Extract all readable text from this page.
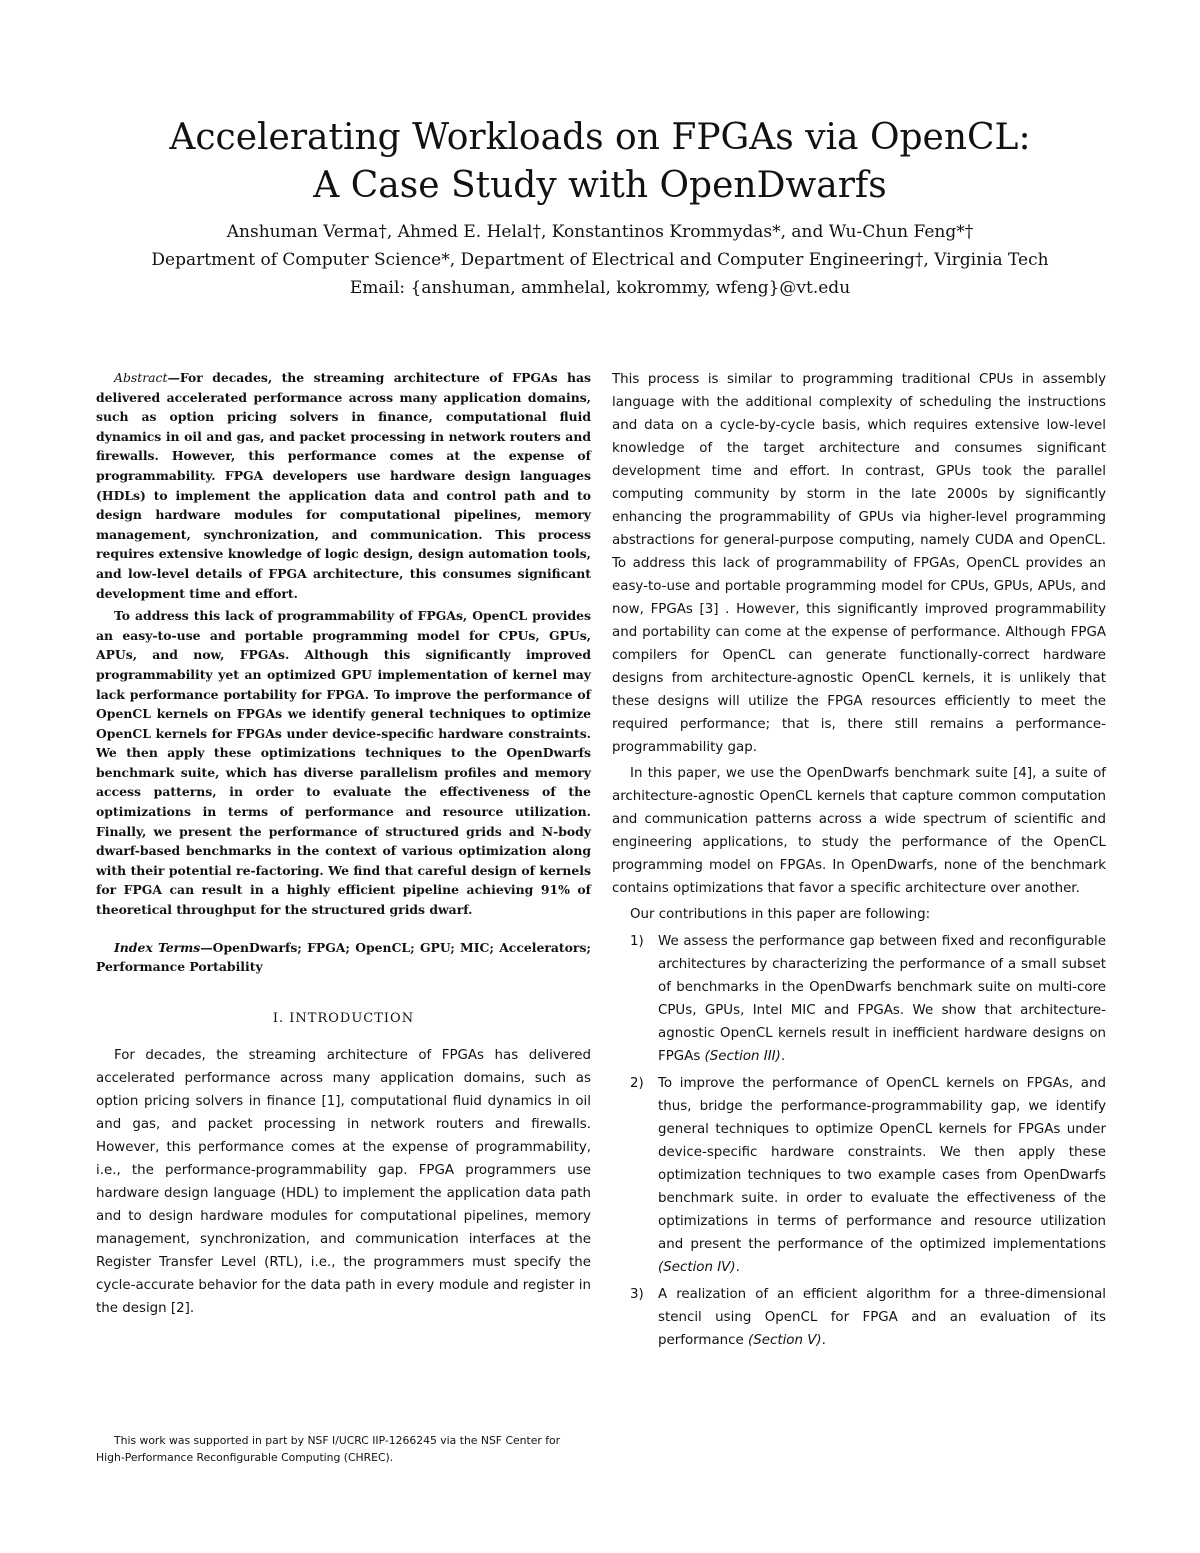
Accelerating Workloads on FPGAs via OpenCL:
A Case Study with OpenDwarfs
Anshuman Verma†, Ahmed E. Helal†, Konstantinos Krommydas*, and Wu-Chun Feng*†
Department of Computer Science*, Department of Electrical and Computer Engineering†, Virginia Tech
Email: {anshuman, ammhelal, kokrommy, wfeng}@vt.edu

Abstract—For decades, the streaming architecture of FPGAs has delivered accelerated performance across many application domains, such as option pricing solvers in finance, computational fluid dynamics in oil and gas, and packet processing in network routers and firewalls. However, this performance comes at the expense of programmability. FPGA developers use hardware design languages (HDLs) to implement the application data and control path and to design hardware modules for computational pipelines, memory management, synchronization, and communication. This process requires extensive knowledge of logic design, design automation tools, and low-level details of FPGA architecture, this consumes significant development time and effort.

To address this lack of programmability of FPGAs, OpenCL provides an easy-to-use and portable programming model for CPUs, GPUs, APUs, and now, FPGAs. Although this significantly improved programmability yet an optimized GPU implementation of kernel may lack performance portability for FPGA. To improve the performance of OpenCL kernels on FPGAs we identify general techniques to optimize OpenCL kernels for FPGAs under device-specific hardware constraints. We then apply these optimizations techniques to the OpenDwarfs benchmark suite, which has diverse parallelism profiles and memory access patterns, in order to evaluate the effectiveness of the optimizations in terms of performance and resource utilization. Finally, we present the performance of structured grids and N-body dwarf-based benchmarks in the context of various optimization along with their potential re-factoring. We find that careful design of kernels for FPGA can result in a highly efficient pipeline achieving 91% of theoretical throughput for the structured grids dwarf.

Index Terms—OpenDwarfs; FPGA; OpenCL; GPU; MIC; Accelerators; Performance Portability

I. INTRODUCTION

For decades, the streaming architecture of FPGAs has delivered accelerated performance across many application domains, such as option pricing solvers in finance [1], computational fluid dynamics in oil and gas, and packet processing in network routers and firewalls. However, this performance comes at the expense of programmability, i.e., the performance-programmability gap. FPGA programmers use hardware design language (HDL) to implement the application data path and to design hardware modules for computational pipelines, memory management, synchronization, and communication interfaces at the Register Transfer Level (RTL), i.e., the programmers must specify the cycle-accurate behavior for the data path in every module and register in the design [2].

This work was supported in part by NSF I/UCRC IIP-1266245 via the NSF Center for High-Performance Reconfigurable Computing (CHREC).

This process is similar to programming traditional CPUs in assembly language with the additional complexity of scheduling the instructions and data on a cycle-by-cycle basis, which requires extensive low-level knowledge of the target architecture and consumes significant development time and effort. In contrast, GPUs took the parallel computing community by storm in the late 2000s by significantly enhancing the programmability of GPUs via higher-level programming abstractions for general-purpose computing, namely CUDA and OpenCL. To address this lack of programmability of FPGAs, OpenCL provides an easy-to-use and portable programming model for CPUs, GPUs, APUs, and now, FPGAs [3] . However, this significantly improved programmability and portability can come at the expense of performance. Although FPGA compilers for OpenCL can generate functionally-correct hardware designs from architecture-agnostic OpenCL kernels, it is unlikely that these designs will utilize the FPGA resources efficiently to meet the required performance; that is, there still remains a performance-programmability gap.

In this paper, we use the OpenDwarfs benchmark suite [4], a suite of architecture-agnostic OpenCL kernels that capture common computation and communication patterns across a wide spectrum of scientific and engineering applications, to study the performance of the OpenCL programming model on FPGAs. In OpenDwarfs, none of the benchmark contains optimizations that favor a specific architecture over another.

Our contributions in this paper are following:

1) We assess the performance gap between fixed and reconfigurable architectures by characterizing the performance of a small subset of benchmarks in the OpenDwarfs benchmark suite on multi-core CPUs, GPUs, Intel MIC and FPGAs. We show that architecture-agnostic OpenCL kernels result in inefficient hardware designs on FPGAs (Section III).
2) To improve the performance of OpenCL kernels on FPGAs, and thus, bridge the performance-programmability gap, we identify general techniques to optimize OpenCL kernels for FPGAs under device-specific hardware constraints. We then apply these optimization techniques to two example cases from OpenDwarfs benchmark suite. in order to evaluate the effectiveness of the optimizations in terms of performance and resource utilization and present the performance of the optimized implementations (Section IV).
3) A realization of an efficient algorithm for a three-dimensional stencil using OpenCL for FPGA and an evaluation of its performance (Section V).
